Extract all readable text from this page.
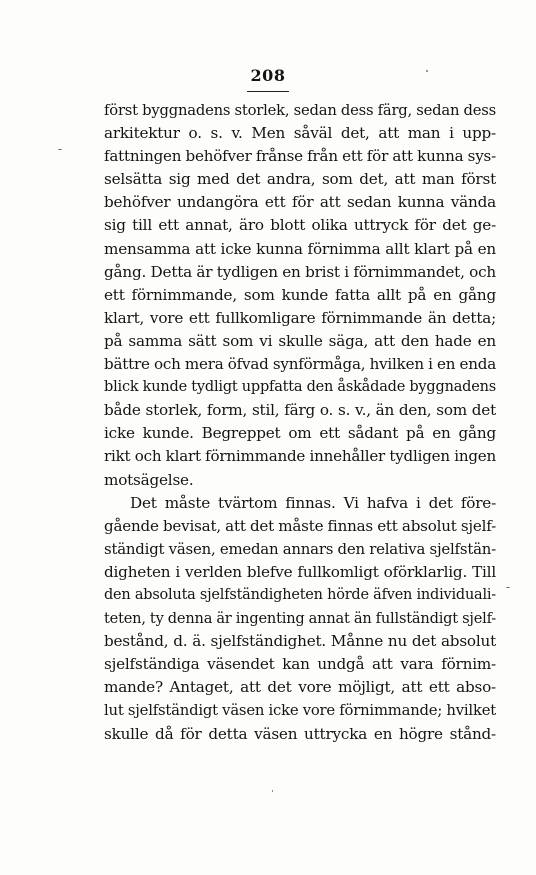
208
-
-
först byggnadens storlek, sedan dess färg, sedan dess
arkitektur o. s. v. Men såväl det, att man i upp-
fattningen behöfver frånse från ett för att kunna sys-
selsätta sig med det andra, som det, att man först
behöfver undangöra ett för att sedan kunna vända
sig till ett annat, äro blott olika uttryck för det ge-
mensamma att icke kunna förnimma allt klart på en
gång. Detta är tydligen en brist i förnimmandet, och
ett förnimmande, som kunde fatta allt på en gång
klart, vore ett fullkomligare förnimmande än detta;
på samma sätt som vi skulle säga, att den hade en
bättre och mera öfvad synförmåga, hvilken i en enda
blick kunde tydligt uppfatta den åskådade byggnadens
både storlek, form, stil, färg o. s. v., än den, som det
icke kunde. Begreppet om ett sådant på en gång
rikt och klart förnimmande innehåller tydligen ingen
motsägelse.
Det måste tvärtom finnas. Vi hafva i det före-
gående bevisat, att det måste finnas ett absolut sjelf-
ständigt väsen, emedan annars den relativa sjelfstän-
digheten i verlden blefve fullkomligt oförklarlig. Till
den absoluta sjelfständigheten hörde äfven individuali-
teten, ty denna är ingenting annat än fullständigt sjelf-
bestånd, d. ä. sjelfständighet. Månne nu det absolut
sjelfständiga väsendet kan undgå att vara förnim-
mande? Antaget, att det vore möjligt, att ett abso-
lut sjelfständigt väsen icke vore förnimmande; hvilket
skulle då för detta väsen uttrycka en högre stånd-
